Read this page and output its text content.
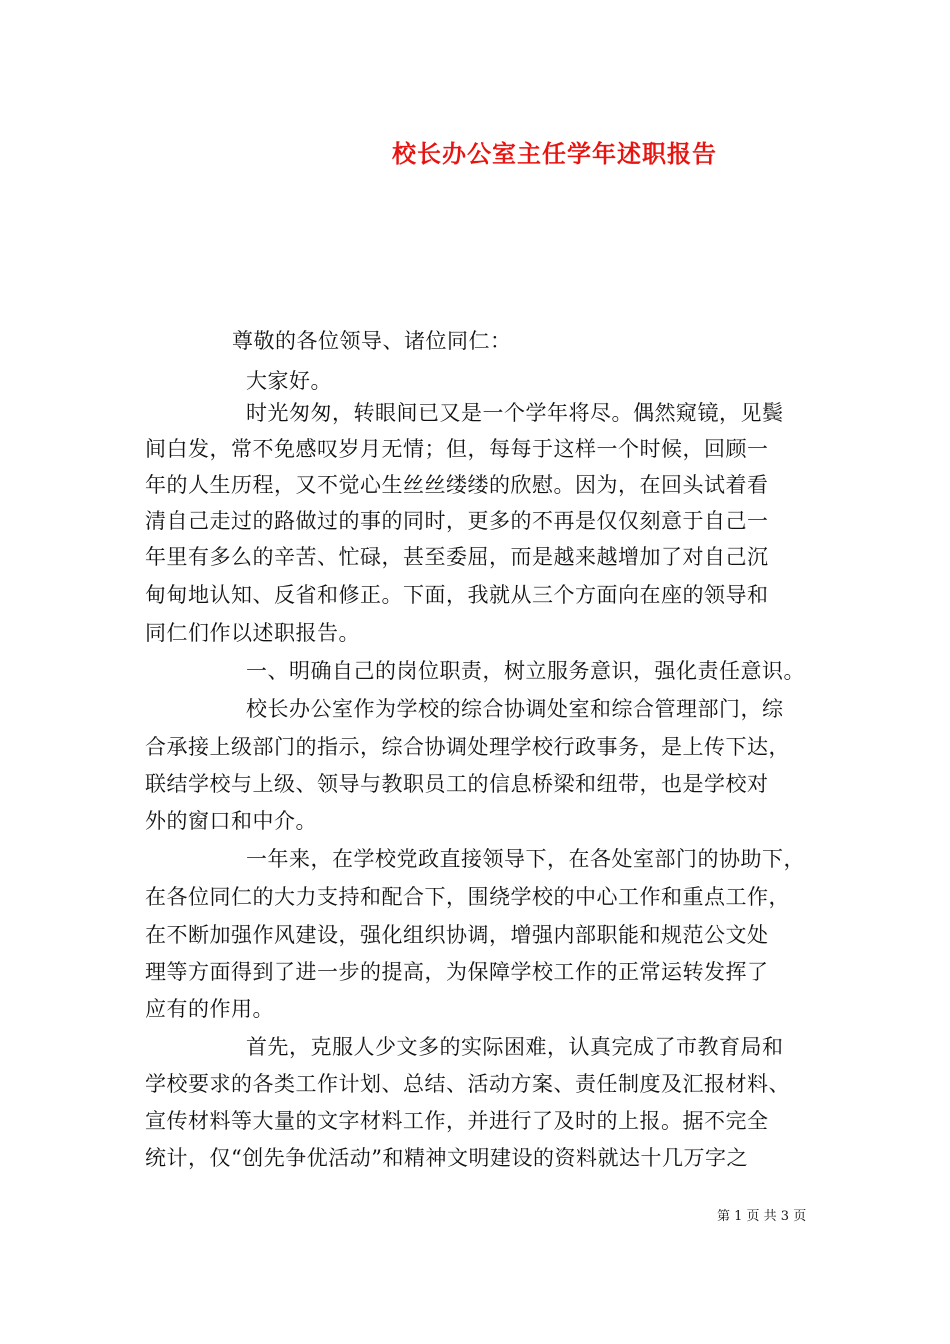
校长办公室主任学年述职报告
尊敬的各位领导、诸位同仁：
大家好。
时光匆匆，转眼间已又是一个学年将尽。偶然窥镜，见鬓
间白发，常不免感叹岁月无情；但，每每于这样一个时候，回顾一
年的人生历程，又不觉心生丝丝缕缕的欣慰。因为，在回头试着看
清自己走过的路做过的事的同时，更多的不再是仅仅刻意于自己一
年里有多么的辛苦、忙碌，甚至委屈，而是越来越增加了对自己沉
甸甸地认知、反省和修正。下面，我就从三个方面向在座的领导和
同仁们作以述职报告。
一、明确自己的岗位职责，树立服务意识，强化责任意识。
校长办公室作为学校的综合协调处室和综合管理部门，综
合承接上级部门的指示，综合协调处理学校行政事务，是上传下达，
联结学校与上级、领导与教职员工的信息桥梁和纽带，也是学校对
外的窗口和中介。
一年来，在学校党政直接领导下，在各处室部门的协助下，
在各位同仁的大力支持和配合下，围绕学校的中心工作和重点工作，
在不断加强作风建设，强化组织协调，增强内部职能和规范公文处
理等方面得到了进一步的提高，为保障学校工作的正常运转发挥了
应有的作用。
首先，克服人少文多的实际困难，认真完成了市教育局和
学校要求的各类工作计划、总结、活动方案、责任制度及汇报材料、
宣传材料等大量的文字材料工作，并进行了及时的上报。据不完全
统计，仅“创先争优活动”和精神文明建设的资料就达十几万字之
第 1 页 共 3 页
